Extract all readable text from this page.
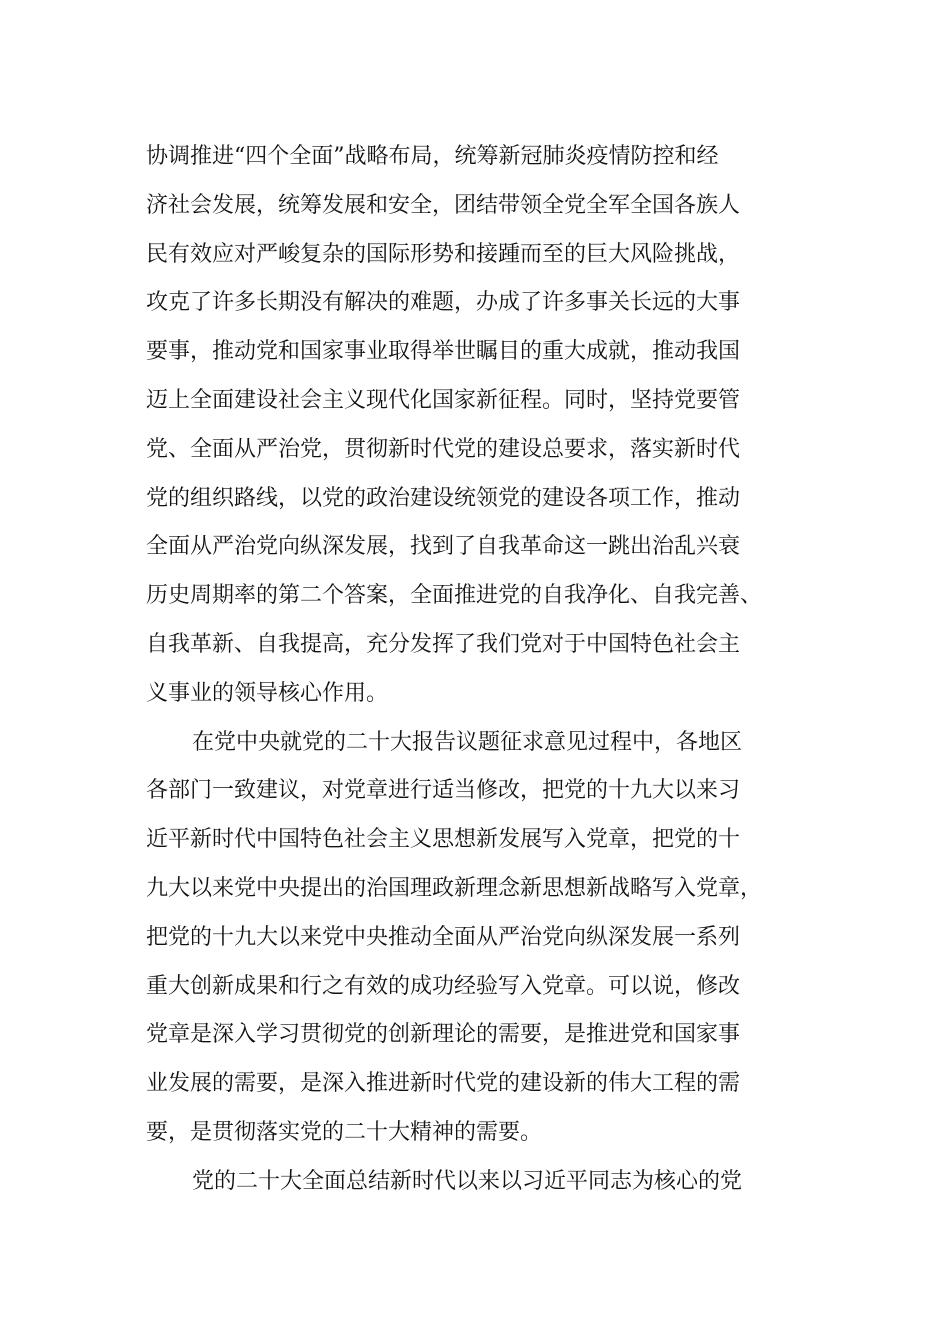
协调推进“四个全面”战略布局，统筹新冠肺炎疫情防控和经
济社会发展，统筹发展和安全，团结带领全党全军全国各族人
民有效应对严峻复杂的国际形势和接踵而至的巨大风险挑战，
攻克了许多长期没有解决的难题，办成了许多事关长远的大事
要事，推动党和国家事业取得举世瞩目的重大成就，推动我国
迈上全面建设社会主义现代化国家新征程。同时，坚持党要管
党、全面从严治党，贯彻新时代党的建设总要求，落实新时代
党的组织路线，以党的政治建设统领党的建设各项工作，推动
全面从严治党向纵深发展，找到了自我革命这一跳出治乱兴衰
历史周期率的第二个答案，全面推进党的自我净化、自我完善、
自我革新、自我提高，充分发挥了我们党对于中国特色社会主
义事业的领导核心作用。
在党中央就党的二十大报告议题征求意见过程中，各地区
各部门一致建议，对党章进行适当修改，把党的十九大以来习
近平新时代中国特色社会主义思想新发展写入党章，把党的十
九大以来党中央提出的治国理政新理念新思想新战略写入党章，
把党的十九大以来党中央推动全面从严治党向纵深发展一系列
重大创新成果和行之有效的成功经验写入党章。可以说，修改
党章是深入学习贯彻党的创新理论的需要，是推进党和国家事
业发展的需要，是深入推进新时代党的建设新的伟大工程的需
要，是贯彻落实党的二十大精神的需要。
党的二十大全面总结新时代以来以习近平同志为核心的党
